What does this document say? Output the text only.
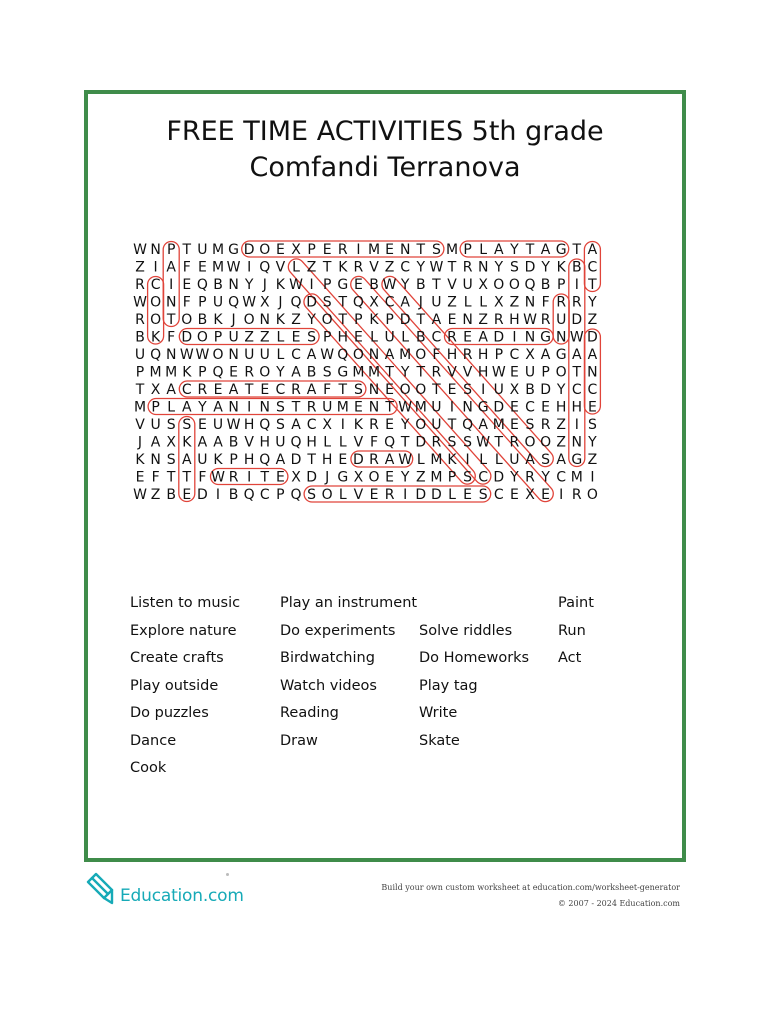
FREE TIME ACTIVITIES 5th grade
Comfandi Terranova
W N P T U M G D O E X P E R I M E N T S M P L A Y T A G T A
Z I A F E M W I Q V L Z T K R V Z C Y W T R N Y S D Y K B C
R C I E Q B N Y J K W I P G E B W Y B T V U X O O Q B P I T
W O N F P U Q W X J Q D S T Q X C A J U Z L L X Z N F R R Y
R O T O B K J O N K Z Y O T P K P D T A E N Z R H W R U D Z
B K F D O P U Z Z L E S P H E L U L B C R E A D I N G N W D
U Q N W W O N U U L C A W Q O N A M O F H R H P C X A G A A
P M M K P Q E R O Y A B S G M M T Y T R V V H W E U P O T N
T X A C R E A T E C R A F T S N E O O T E S I U X B D Y C C
M P L A Y A N I N S T R U M E N T W M U I N G D E C E H H E
V U S S E U W H Q S A C X I K R E Y O U T Q A M E S R Z I S
J A X K A A B V H U Q H L L V F Q T D R S S W T R O O Z N Y
K N S A U K P H Q A D T H E D R A W L M K I L L U A S A G Z
E F T T F W R I T E X D J G X O E Y Z M P S C D Y R Y C M I
W Z B E D I B Q C P Q S O L V E R I D D L E S C E X E I R O
Listen to music
Explore nature
Create crafts
Play outside
Do puzzles
Dance
Cook
Play an instrument
Do experiments
Birdwatching
Watch videos
Reading
Draw
Solve riddles
Do Homeworks
Play tag
Write
Skate
Paint
Run
Act
Education.com	Build your own custom worksheet at education.com/worksheet-generator
© 2007 - 2024 Education.com
